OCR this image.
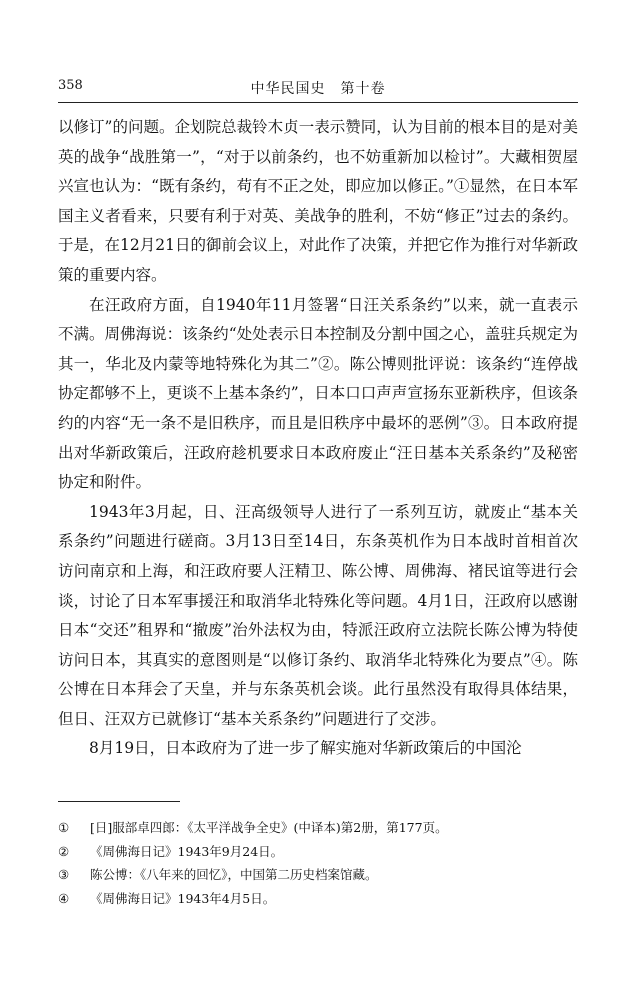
358	中华民国史　第十卷

以修订”的问题。企划院总裁铃木贞一表示赞同，认为目前的根本目的是对美英的战争“战胜第一”，“对于以前条约，也不妨重新加以检讨”。大藏相贺屋兴宣也认为：“既有条约，苟有不正之处，即应加以修正。”①显然，在日本军国主义者看来，只要有利于对英、美战争的胜利，不妨“修正”过去的条约。于是，在12月21日的御前会议上，对此作了决策，并把它作为推行对华新政策的重要内容。

在汪政府方面，自1940年11月签署“日汪关系条约”以来，就一直表示不满。周佛海说：该条约“处处表示日本控制及分割中国之心，盖驻兵规定为其一，华北及内蒙等地特殊化为其二”②。陈公博则批评说：该条约“连停战协定都够不上，更谈不上基本条约”，日本口口声声宣扬东亚新秩序，但该条约的内容“无一条不是旧秩序，而且是旧秩序中最坏的恶例”③。日本政府提出对华新政策后，汪政府趁机要求日本政府废止“汪日基本关系条约”及秘密协定和附件。

1943年3月起，日、汪高级领导人进行了一系列互访，就废止“基本关系条约”问题进行磋商。3月13日至14日，东条英机作为日本战时首相首次访问南京和上海，和汪政府要人汪精卫、陈公博、周佛海、褚民谊等进行会谈，讨论了日本军事援汪和取消华北特殊化等问题。4月1日，汪政府以感谢日本“交还”租界和“撤废”治外法权为由，特派汪政府立法院长陈公博为特使访问日本，其真实的意图则是“以修订条约、取消华北特殊化为要点”④。陈公博在日本拜会了天皇，并与东条英机会谈。此行虽然没有取得具体结果，但日、汪双方已就修订“基本关系条约”问题进行了交涉。

8月19日，日本政府为了进一步了解实施对华新政策后的中国沦

① [日]服部卓四郎：《太平洋战争全史》(中译本)第2册，第177页。
② 《周佛海日记》1943年9月24日。
③ 陈公博：《八年来的回忆》，中国第二历史档案馆藏。
④ 《周佛海日记》1943年4月5日。
